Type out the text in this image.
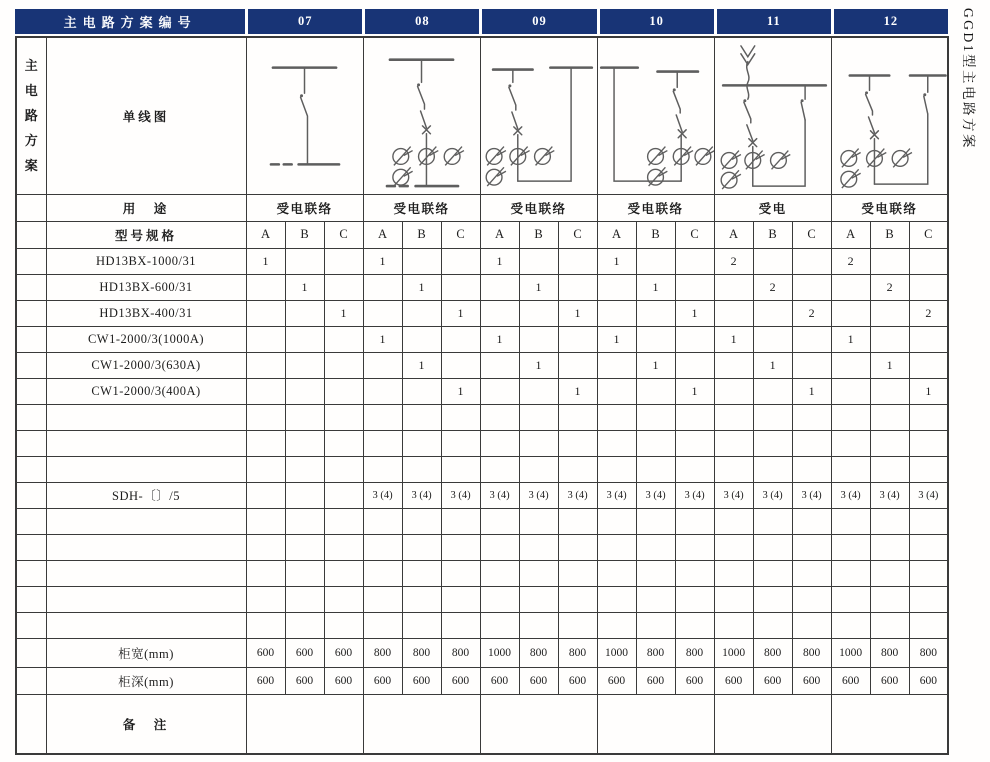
主电路方案编号	07	08	09	10	11	12
主
电
路
方
案	单线图	

	用　途	受电联络			受电联络			受电联络			受电联络			受电			受电联络		
	型号规格	A	B	C	A	B	C	A	B	C	A	B	C	A	B	C	A	B	C
	HD13BX-1000/31	1			1			1			1			2			2		
	HD13BX-600/31		1			1			1			1			2			2	
	HD13BX-400/31			1			1			1			1			2			2
	CW1-2000/3(1000A)				1			1			1			1			1		
	CW1-2000/3(630A)					1			1			1			1			1	
	CW1-2000/3(400A)						1			1			1			1			1

	SDH-〔〕/5				3 (4)	3 (4)	3 (4)	3 (4)	3 (4)	3 (4)	3 (4)	3 (4)	3 (4)	3 (4)	3 (4)	3 (4)	3 (4)	3 (4)	3 (4)

	柜宽(mm)	600	600	600	800	800	800	1000	800	800	1000	800	800	1000	800	800	1000	800	800
	柜深(mm)	600	600	600	600	600	600	600	600	600	600	600	600	600	600	600	600	600	600
	备　注																		
GGD1型主电路方案
